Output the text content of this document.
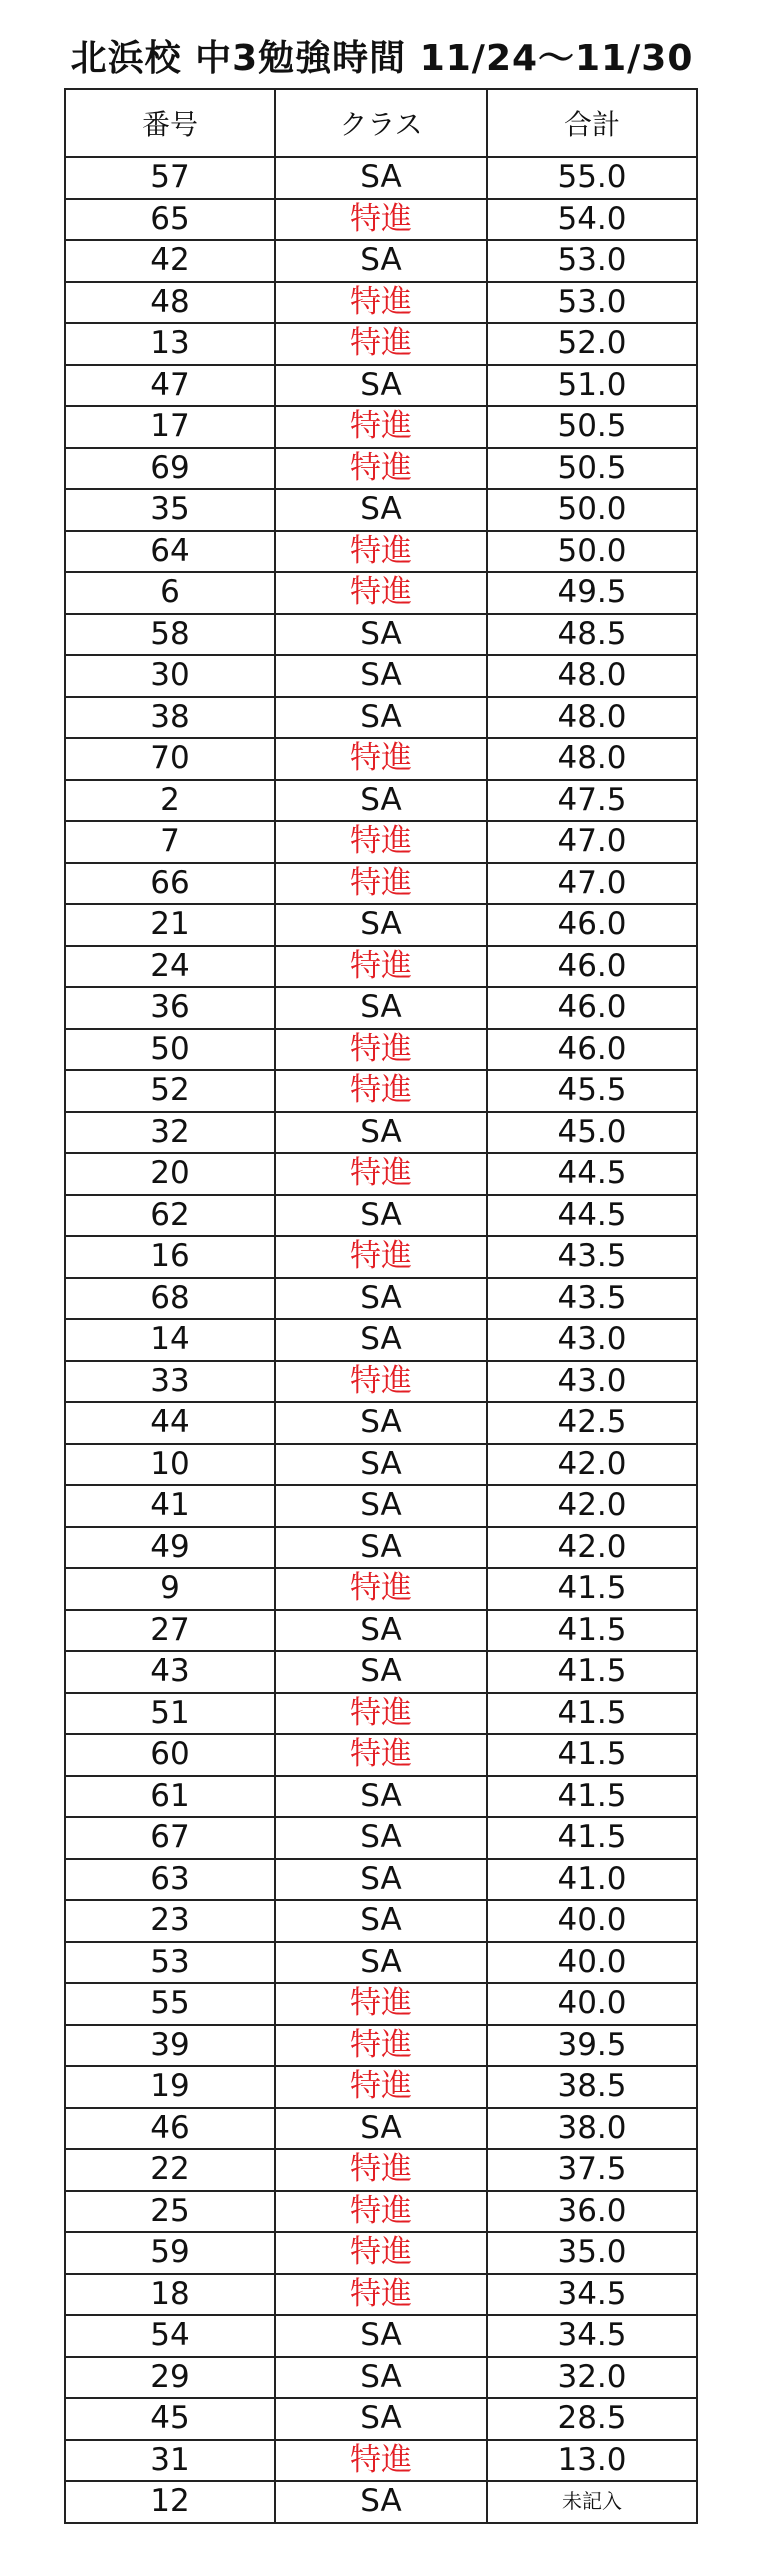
北浜校 中3勉強時間 11/24〜11/30
番号	クラス	合計
57	SA	55.0
65	特進	54.0
42	SA	53.0
48	特進	53.0
13	特進	52.0
47	SA	51.0
17	特進	50.5
69	特進	50.5
35	SA	50.0
64	特進	50.0
6	特進	49.5
58	SA	48.5
30	SA	48.0
38	SA	48.0
70	特進	48.0
2	SA	47.5
7	特進	47.0
66	特進	47.0
21	SA	46.0
24	特進	46.0
36	SA	46.0
50	特進	46.0
52	特進	45.5
32	SA	45.0
20	特進	44.5
62	SA	44.5
16	特進	43.5
68	SA	43.5
14	SA	43.0
33	特進	43.0
44	SA	42.5
10	SA	42.0
41	SA	42.0
49	SA	42.0
9	特進	41.5
27	SA	41.5
43	SA	41.5
51	特進	41.5
60	特進	41.5
61	SA	41.5
67	SA	41.5
63	SA	41.0
23	SA	40.0
53	SA	40.0
55	特進	40.0
39	特進	39.5
19	特進	38.5
46	SA	38.0
22	特進	37.5
25	特進	36.0
59	特進	35.0
18	特進	34.5
54	SA	34.5
29	SA	32.0
45	SA	28.5
31	特進	13.0
12	SA	未記入
